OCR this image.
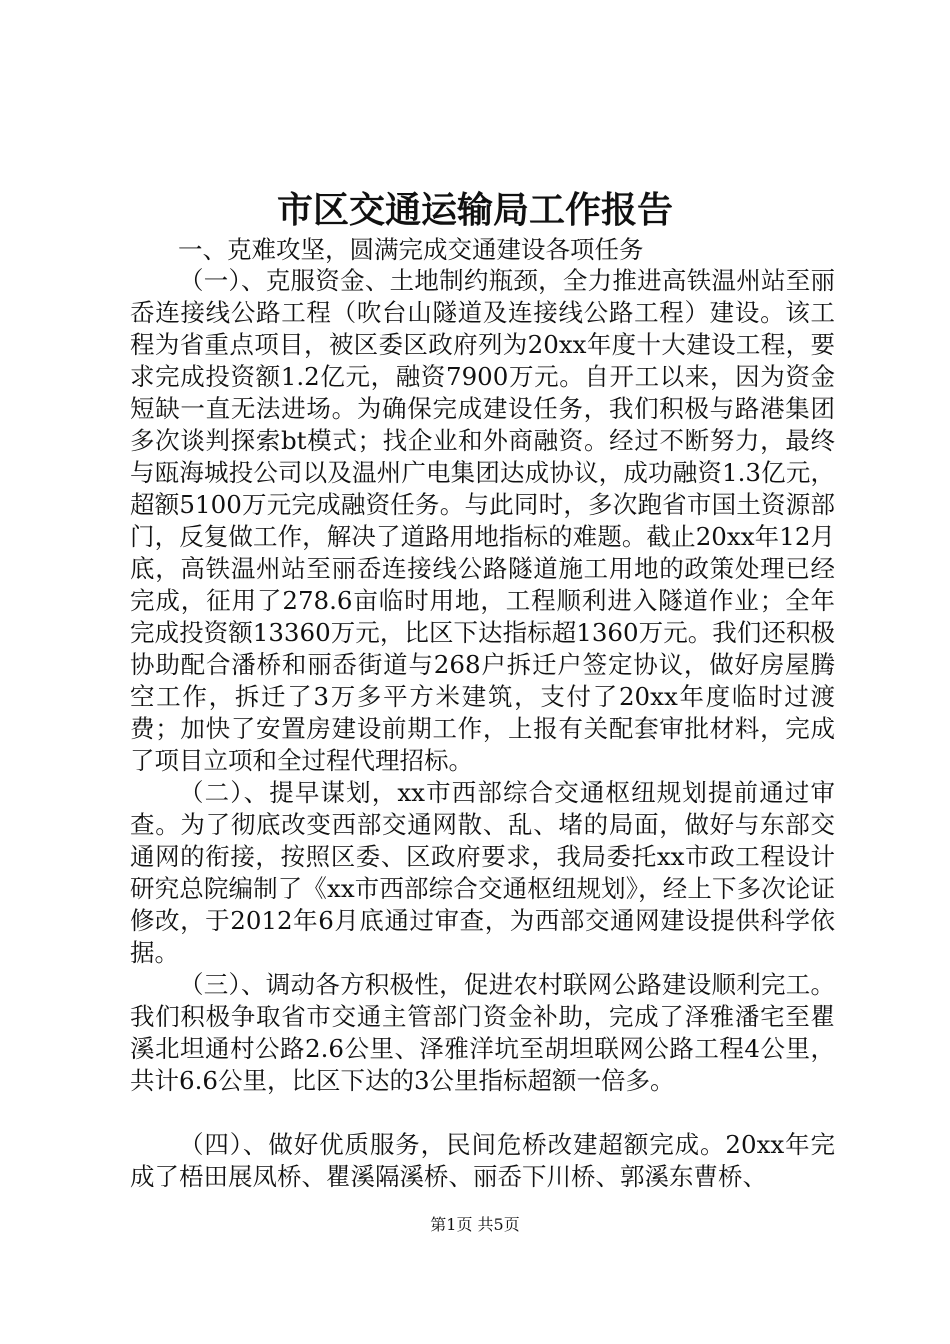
市区交通运输局工作报告

一、克难攻坚，圆满完成交通建设各项任务

（一）、克服资金、土地制约瓶颈，全力推进高铁温州站至丽岙连接线公路工程（吹台山隧道及连接线公路工程）建设。该工程为省重点项目，被区委区政府列为20xx年度十大建设工程，要求完成投资额1.2亿元，融资7900万元。自开工以来，因为资金短缺一直无法进场。为确保完成建设任务，我们积极与路港集团多次谈判探索bt模式；找企业和外商融资。经过不断努力，最终与瓯海城投公司以及温州广电集团达成协议，成功融资1.3亿元，超额5100万元完成融资任务。与此同时，多次跑省市国土资源部门，反复做工作，解决了道路用地指标的难题。截止20xx年12月底，高铁温州站至丽岙连接线公路隧道施工用地的政策处理已经完成，征用了278.6亩临时用地，工程顺利进入隧道作业；全年完成投资额13360万元，比区下达指标超1360万元。我们还积极协助配合潘桥和丽岙街道与268户拆迁户签定协议，做好房屋腾空工作，拆迁了3万多平方米建筑，支付了20xx年度临时过渡费；加快了安置房建设前期工作，上报有关配套审批材料，完成了项目立项和全过程代理招标。

（二）、提早谋划，xx市西部综合交通枢纽规划提前通过审查。为了彻底改变西部交通网散、乱、堵的局面，做好与东部交通网的衔接，按照区委、区政府要求，我局委托xx市政工程设计研究总院编制了《xx市西部综合交通枢纽规划》，经上下多次论证修改，于2012年6月底通过审查，为西部交通网建设提供科学依据。

（三）、调动各方积极性，促进农村联网公路建设顺利完工。我们积极争取省市交通主管部门资金补助，完成了泽雅潘宅至瞿溪北坦通村公路2.6公里、泽雅洋坑至胡坦联网公路工程4公里，共计6.6公里，比区下达的3公里指标超额一倍多。

（四）、做好优质服务，民间危桥改建超额完成。20xx年完成了梧田展凤桥、瞿溪隔溪桥、丽岙下川桥、郭溪东曹桥、

第1页 共5页
